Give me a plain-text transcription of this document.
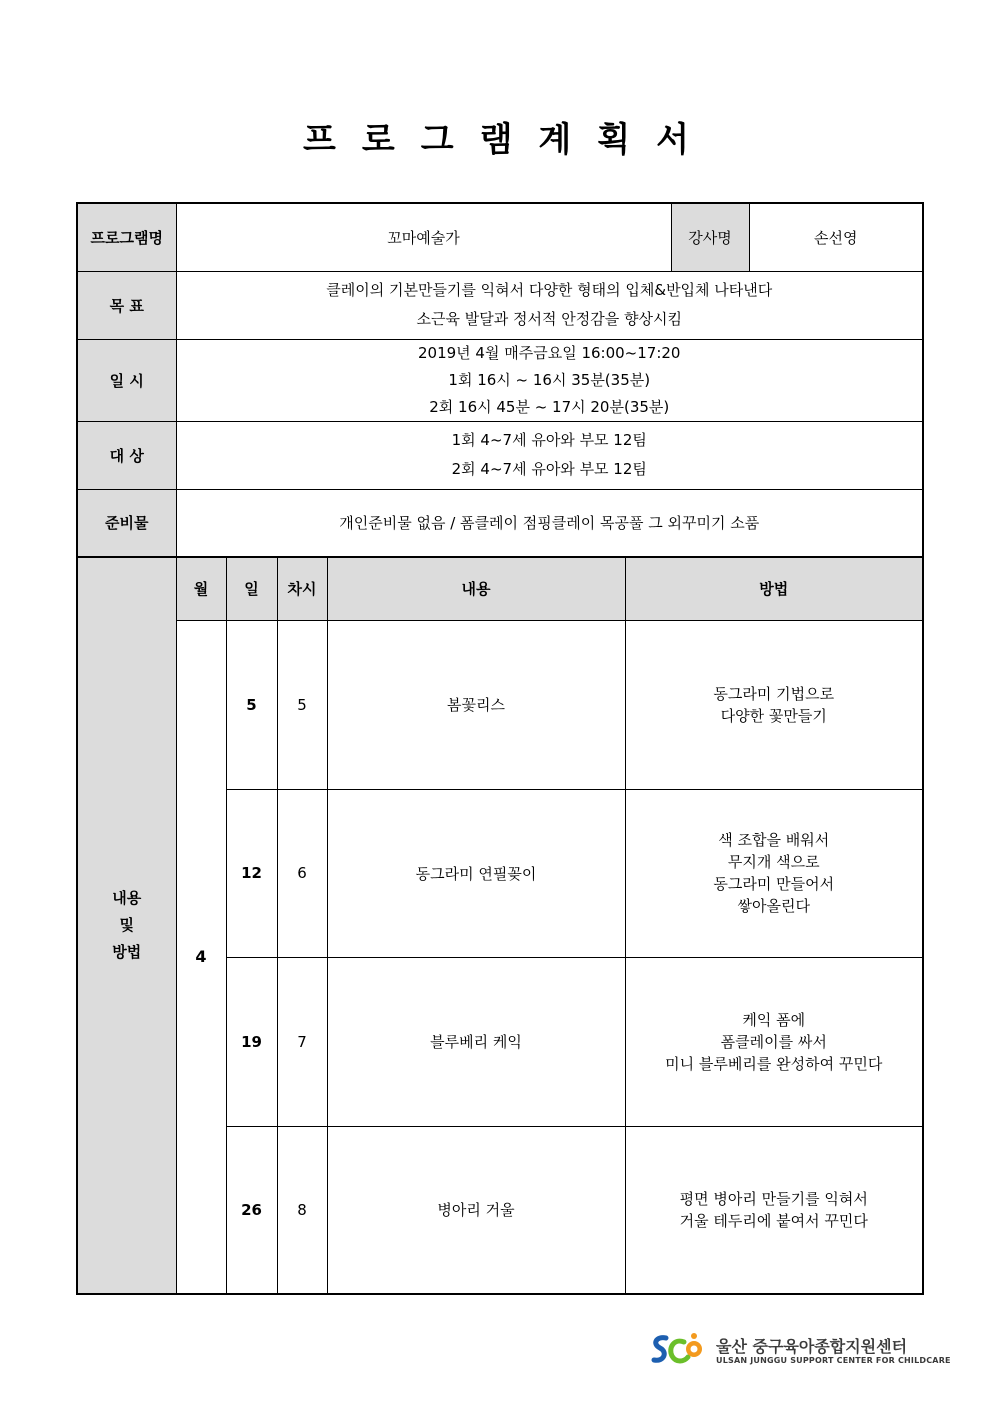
프로그램계획서
프로그램명	꼬마예술가	강사명	손선영
목 표	클레이의 기본만들기를 익혀서 다양한 형태의 입체&반입체 나타낸다
소근육 발달과 정서적 안정감을 향상시킴		

일 시	2019년 4월 매주금요일 16:00~17:20
1회 16시 ~ 16시 35분(35분)
2회 16시 45분 ~ 17시 20분(35분)		

대 상	1회 4~7세 유아와 부모 12팀
2회 4~7세 유아와 부모 12팀		

준비물	개인준비물 없음 / 폼클레이 점핑클레이 목공풀 그 외꾸미기 소품		
내용
및
방법	월	일	차시	내용	방법
	4	5	5	봄꽃리스	동그라미 기법으로
다양한 꽃만들기

		12	6	동그라미 연필꽂이	색 조합을 배워서
무지개 색으로
동그라미 만들어서
쌓아올린다

		19	7	블루베리 케익	케익 폼에
폼클레이를 싸서
미니 블루베리를 완성하여 꾸민다

		26	8	병아리 거울	평면 병아리 만들기를 익혀서
거울 테두리에 붙여서 꾸민다
울산 중구육아종합지원센터
ULSAN JUNGGU SUPPORT CENTER FOR CHILDCARE
